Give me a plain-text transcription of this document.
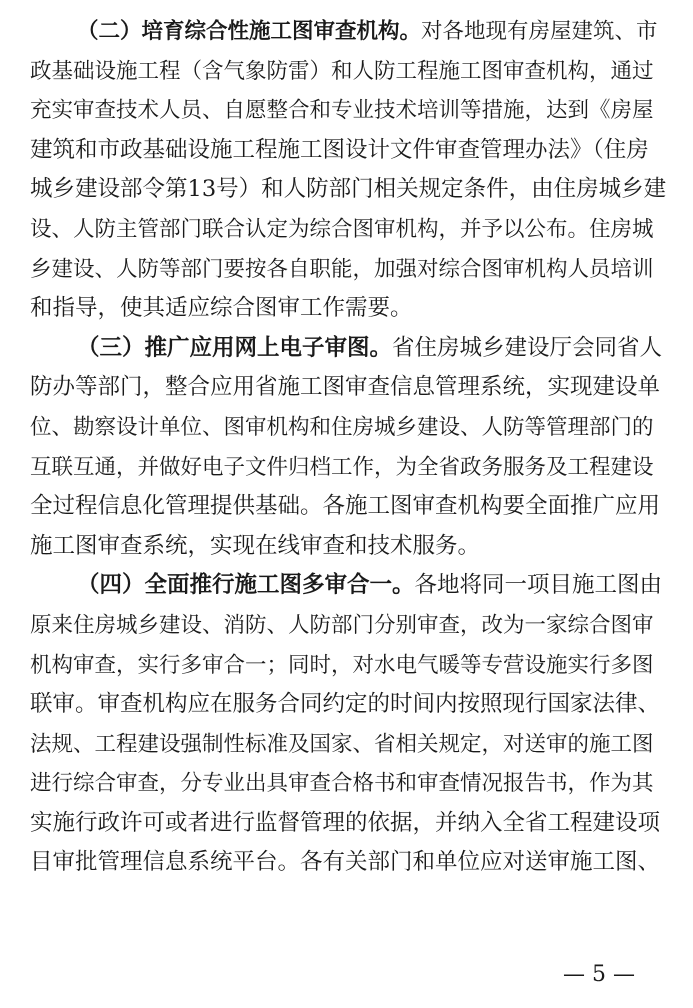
（二）培育综合性施工图审查机构。对各地现有房屋建筑、市
政基础设施工程（含气象防雷）和人防工程施工图审查机构，通过
充实审查技术人员、自愿整合和专业技术培训等措施，达到《房屋
建筑和市政基础设施工程施工图设计文件审查管理办法》（住房
城乡建设部令第13号）和人防部门相关规定条件，由住房城乡建
设、人防主管部门联合认定为综合图审机构，并予以公布。住房城
乡建设、人防等部门要按各自职能，加强对综合图审机构人员培训
和指导，使其适应综合图审工作需要。
（三）推广应用网上电子审图。省住房城乡建设厅会同省人
防办等部门，整合应用省施工图审查信息管理系统，实现建设单
位、勘察设计单位、图审机构和住房城乡建设、人防等管理部门的
互联互通，并做好电子文件归档工作，为全省政务服务及工程建设
全过程信息化管理提供基础。各施工图审查机构要全面推广应用
施工图审查系统，实现在线审查和技术服务。
（四）全面推行施工图多审合一。各地将同一项目施工图由
原来住房城乡建设、消防、人防部门分别审查，改为一家综合图审
机构审查，实行多审合一；同时，对水电气暖等专营设施实行多图
联审。审查机构应在服务合同约定的时间内按照现行国家法律、
法规、工程建设强制性标准及国家、省相关规定，对送审的施工图
进行综合审查，分专业出具审查合格书和审查情况报告书，作为其
实施行政许可或者进行监督管理的依据，并纳入全省工程建设项
目审批管理信息系统平台。各有关部门和单位应对送审施工图、
— 5 —
